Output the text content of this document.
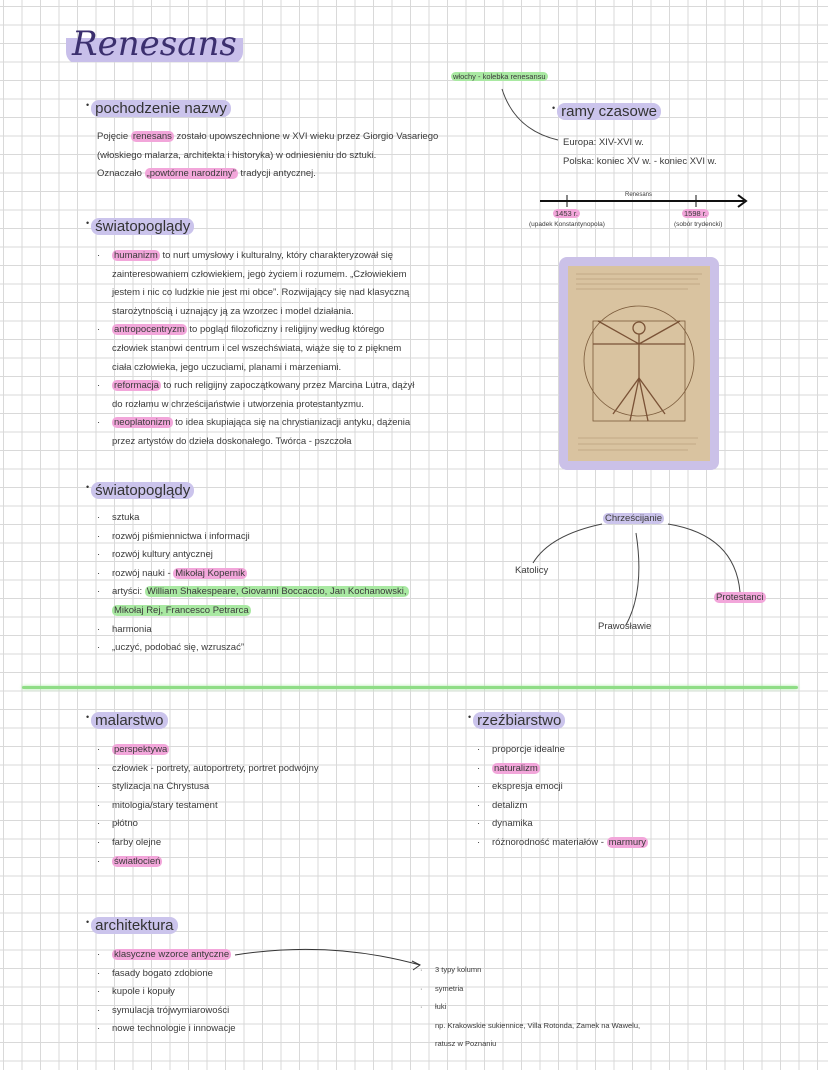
Renesans
• pochodzenie nazwy
Pojęcie renesans zostało upowszechnione w XVI wieku przez Giorgio Vasariego
(włoskiego malarza, architekta i historyka) w odniesieniu do sztuki.
Oznaczało „powtórne narodziny” tradycji antycznej.
• światopoglądy
· humanizm to nurt umysłowy i kulturalny, który charakteryzował się
zainteresowaniem człowiekiem, jego życiem i rozumem. „Człowiekiem
jestem i nic co ludzkie nie jest mi obce”. Rozwijający się nad klasyczną
starożytnością i uznający ją za wzorzec i model działania.
· antropocentryzm to pogląd filozoficzny i religijny według którego
człowiek stanowi centrum i cel wszechświata, wiąże się to z pięknem
ciała człowieka, jego uczuciami, planami i marzeniami.
· reformacja to ruch religijny zapoczątkowany przez Marcina Lutra, dążył
do rozłamu w chrześcijaństwie i utworzenia protestantyzmu.
· neoplatonizm to idea skupiająca się na chrystianizacji antyku, dążenia
przez artystów do dzieła doskonałego. Twórca - pszczoła
• światopoglądy
· sztuka
· rozwój piśmiennictwa i informacji
· rozwój kultury antycznej
· rozwój nauki - Mikołaj Kopernik
· artyści: William Shakespeare, Giovanni Boccaccio, Jan Kochanowski,
Mikołaj Rej, Francesco Petrarca
· harmonia
· „uczyć, podobać się, wzruszać”
włochy - kolebka renesansu
• ramy czasowe
Europa: XIV-XVI w.
Polska: koniec XV w. - koniec XVI w.
Renesans
1453 r.
(upadek Konstantynopola)
1598 r.
(sobór trydencki)
Chrześcijanie
Katolicy
Prawosławie
Protestanci
• malarstwo
· perspektywa
· człowiek - portrety, autoportrety, portret podwójny
· stylizacja na Chrystusa
· mitologia/stary testament
· płótno
· farby olejne
· światłocień
• rzeźbiarstwo
· proporcje idealne
· naturalizm
· ekspresja emocji
· detalizm
· dynamika
· różnorodność materiałów - marmury
• architektura
· klasyczne wzorce antyczne
· fasady bogato zdobione
· kupole i kopuły
· symulacja trójwymiarowości
· nowe technologie i innowacje
· 3 typy kolumn
· symetria
· łuki
np. Krakowskie sukiennice, Villa Rotonda, Zamek na Wawelu,
ratusz w Poznaniu
